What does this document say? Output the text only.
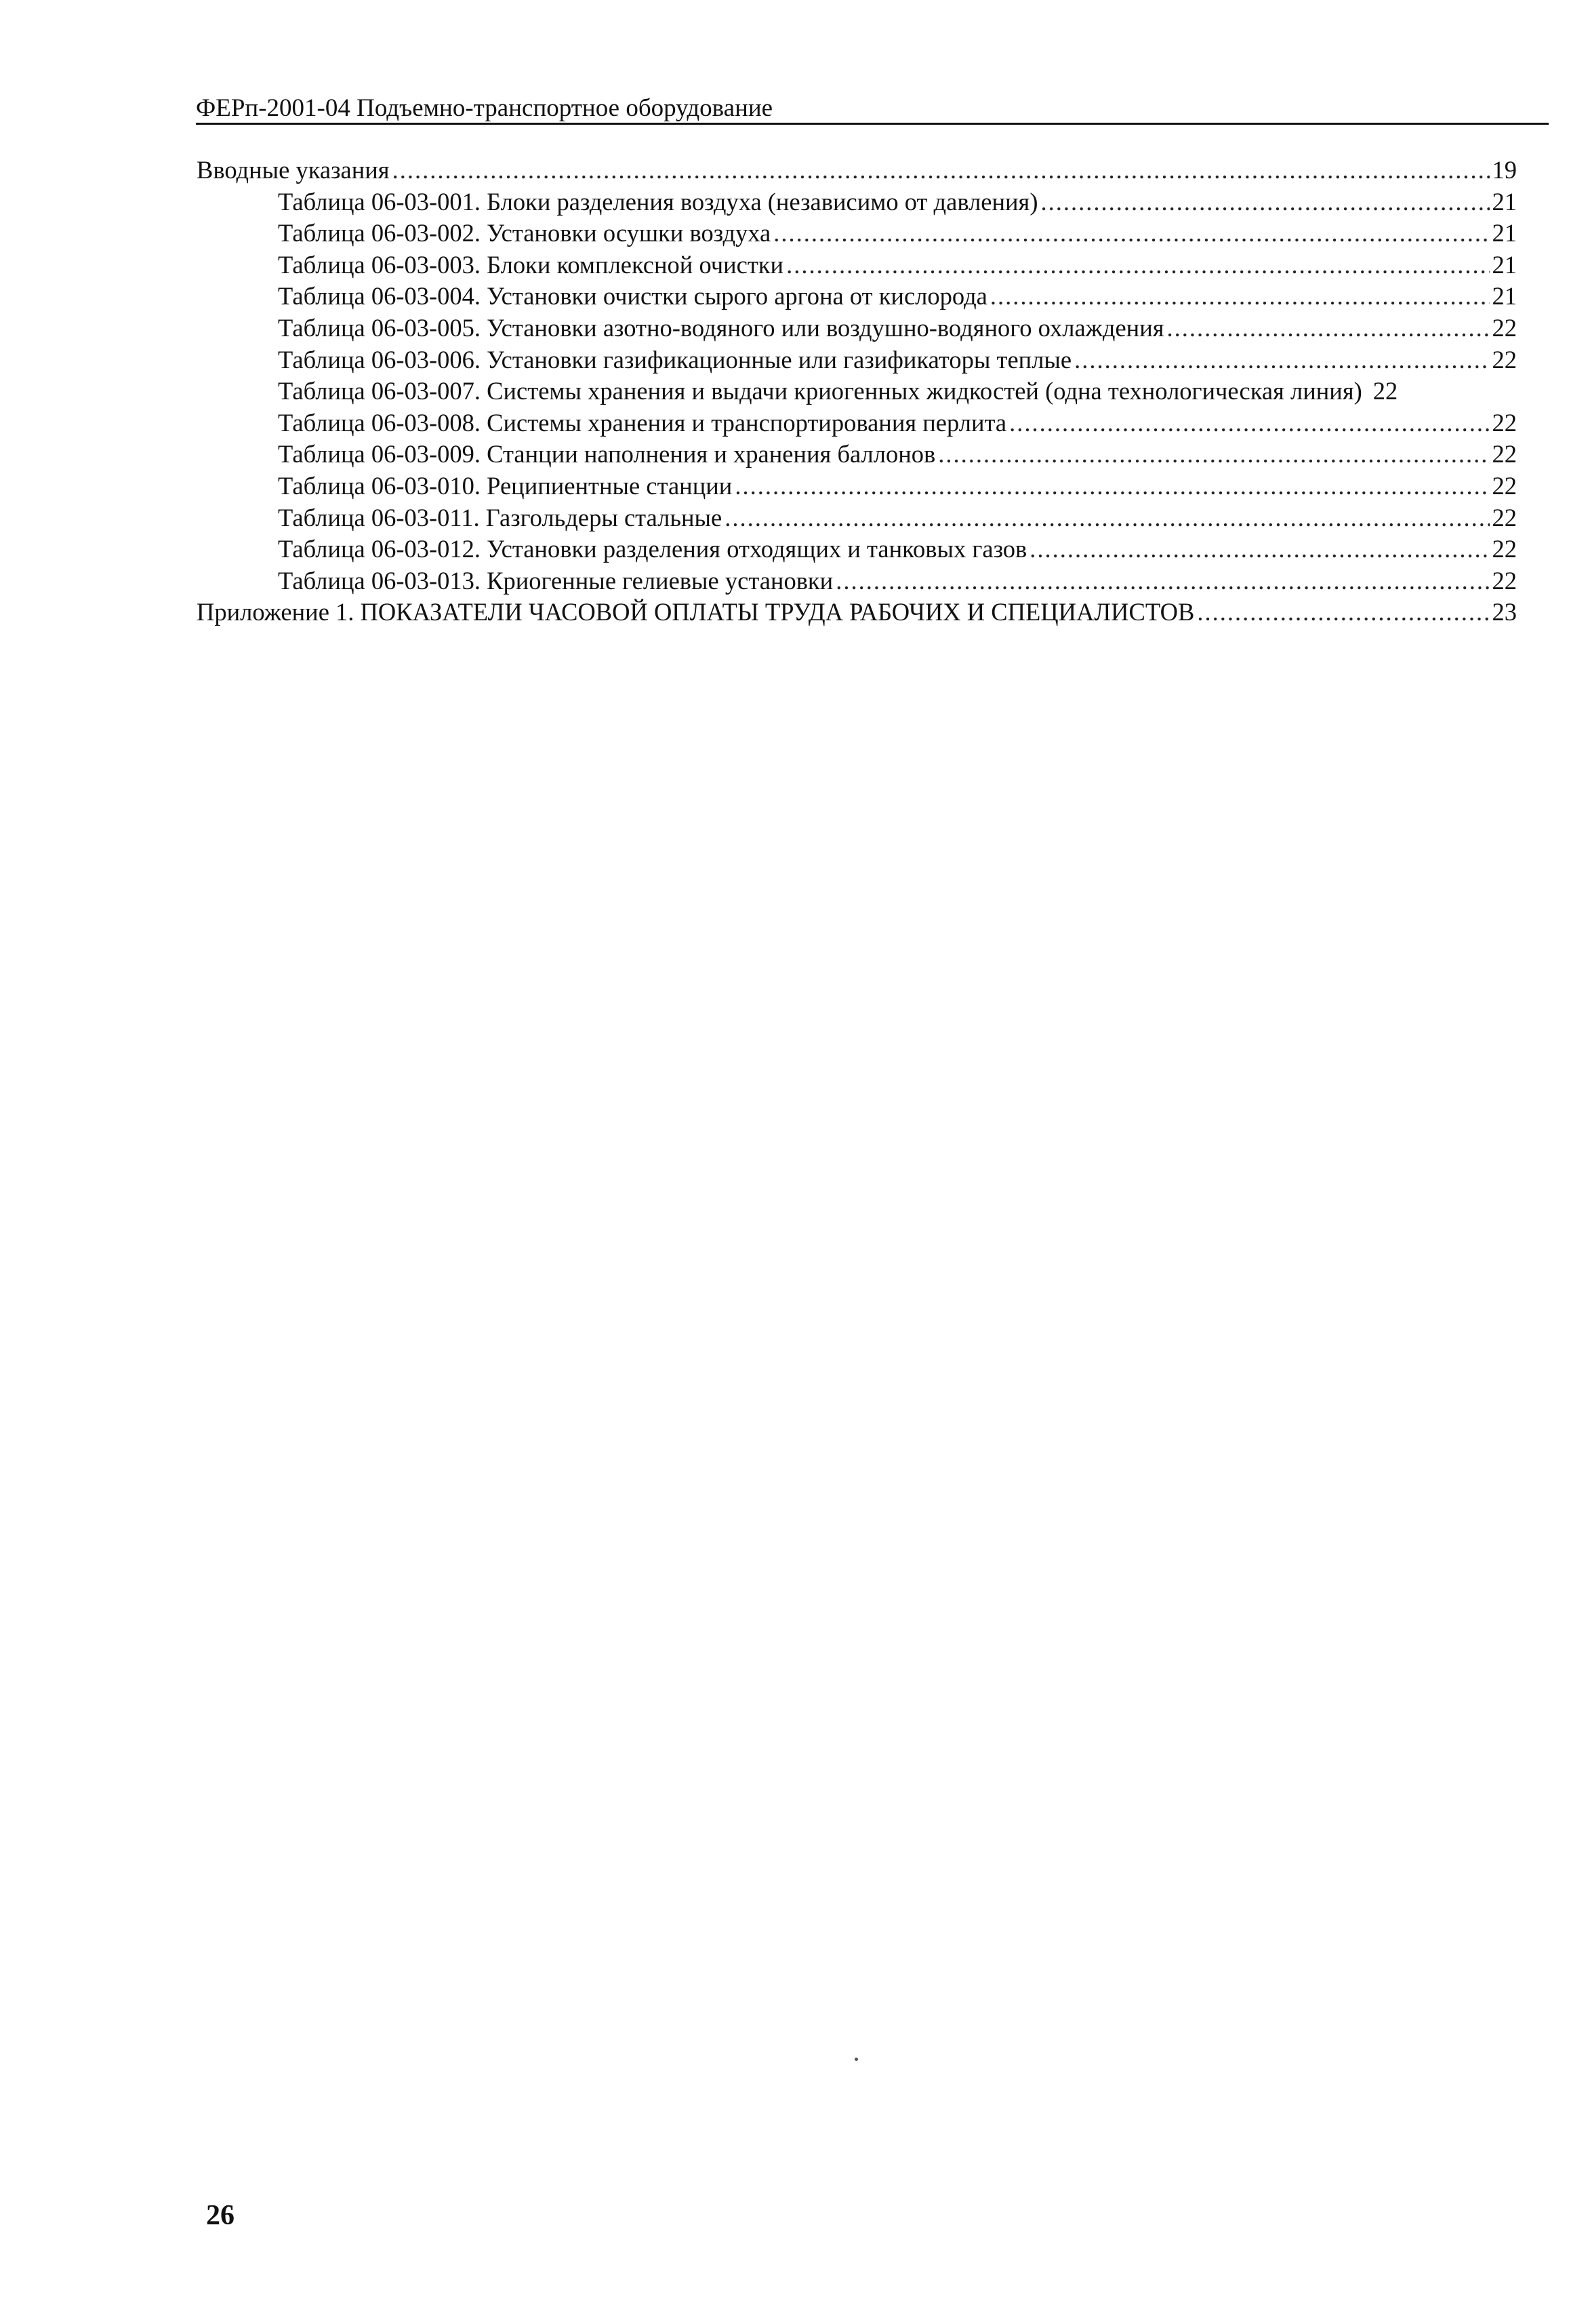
ФЕРп-2001-04 Подъемно-транспортное оборудование
Вводные указания .....	19
Таблица 06-03-001. Блоки разделения воздуха (независимо от давления) .....	21
Таблица 06-03-002. Установки осушки воздуха .....	21
Таблица 06-03-003. Блоки комплексной очистки .....	21
Таблица 06-03-004. Установки очистки сырого аргона от кислорода .....	21
Таблица 06-03-005. Установки азотно-водяного или воздушно-водяного охлаждения .....	22
Таблица 06-03-006. Установки газификационные или газификаторы теплые .....	22
Таблица 06-03-007. Системы хранения и выдачи криогенных жидкостей (одна технологическая линия) 22
Таблица 06-03-008. Системы хранения и транспортирования перлита .....	22
Таблица 06-03-009. Станции наполнения и хранения баллонов .....	22
Таблица 06-03-010. Реципиентные станции .....	22
Таблица 06-03-011. Газгольдеры стальные .....	22
Таблица 06-03-012. Установки разделения отходящих и танковых газов .....	22
Таблица 06-03-013. Криогенные гелиевые установки .....	22
Приложение 1. ПОКАЗАТЕЛИ ЧАСОВОЙ ОПЛАТЫ ТРУДА РАБОЧИХ И СПЕЦИАЛИСТОВ .....	23
26
